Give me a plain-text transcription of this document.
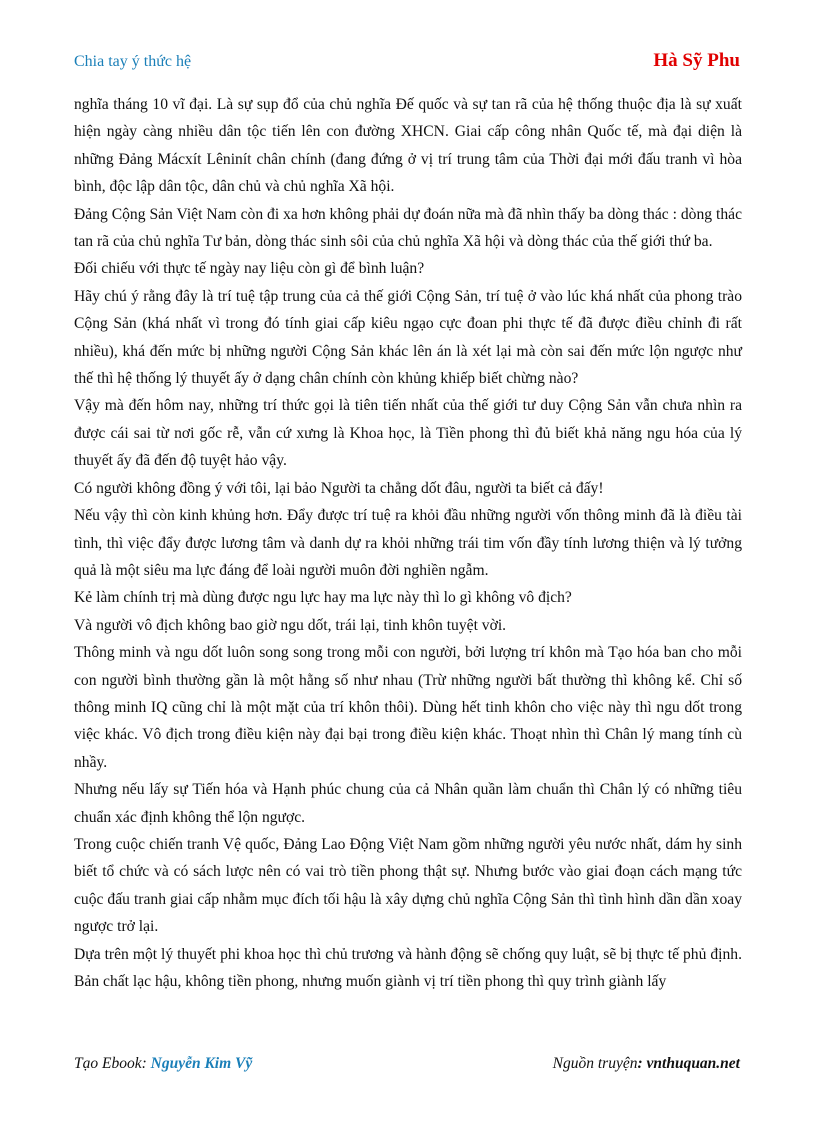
Chia tay ý thức hệ	Hà Sỹ Phu

nghĩa tháng 10 vĩ đại. Là sự sụp đổ của chủ nghĩa Đế quốc và sự tan rã của hệ thống thuộc địa là sự xuất hiện ngày càng nhiều dân tộc tiến lên con đường XHCN. Giai cấp công nhân Quốc tế, mà đại diện là những Đảng Mácxít Lêninít chân chính (đang đứng ở vị trí trung tâm của Thời đại mới đấu tranh vì hòa bình, độc lập dân tộc, dân chủ và chủ nghĩa Xã hội.

Đảng Cộng Sản Việt Nam còn đi xa hơn không phải dự đoán nữa mà đã nhìn thấy ba dòng thác : dòng thác tan rã của chủ nghĩa Tư bản, dòng thác sinh sôi của chủ nghĩa Xã hội và dòng thác của thế giới thứ ba.

Đối chiếu với thực tế ngày nay liệu còn gì để bình luận?

Hãy chú ý rằng đây là trí tuệ tập trung của cả thế giới Cộng Sản, trí tuệ ở vào lúc khá nhất của phong trào Cộng Sản (khá nhất vì trong đó tính giai cấp kiêu ngạo cực đoan phi thực tế đã được điều chỉnh đi rất nhiều), khá đến mức bị những người Cộng Sản khác lên án là xét lại mà còn sai đến mức lộn ngược như thế thì hệ thống lý thuyết ấy ở dạng chân chính còn khủng khiếp biết chừng nào?

Vậy mà đến hôm nay, những trí thức gọi là tiên tiến nhất của thế giới tư duy Cộng Sản vẫn chưa nhìn ra được cái sai từ nơi gốc rễ, vẫn cứ xưng là Khoa học, là Tiền phong thì đủ biết khả năng ngu hóa của lý thuyết ấy đã đến độ tuyệt hảo vậy.

Có người không đồng ý với tôi, lại bảo Người ta chẳng dốt đâu, người ta biết cả đấy!

Nếu vậy thì còn kinh khủng hơn. Đẩy được trí tuệ ra khỏi đầu những người vốn thông minh đã là điều tài tình, thì việc đẩy được lương tâm và danh dự ra khỏi những trái tim vốn đầy tính lương thiện và lý tưởng quả là một siêu ma lực đáng để loài người muôn đời nghiền ngẫm.

Kẻ làm chính trị mà dùng được ngu lực hay ma lực này thì lo gì không vô địch?

Và người vô địch không bao giờ ngu dốt, trái lại, tinh khôn tuyệt vời.

Thông minh và ngu dốt luôn song song trong mỗi con người, bởi lượng trí khôn mà Tạo hóa ban cho mỗi con người bình thường gần là một hằng số như nhau (Trừ những người bất thường thì không kể. Chỉ số thông minh IQ cũng chỉ là một mặt của trí khôn thôi). Dùng hết tinh khôn cho việc này thì ngu dốt trong việc khác. Vô địch trong điều kiện này đại bại trong điều kiện khác. Thoạt nhìn thì Chân lý mang tính cù nhầy.

Nhưng nếu lấy sự Tiến hóa và Hạnh phúc chung của cả Nhân quần làm chuẩn thì Chân lý có những tiêu chuẩn xác định không thể lộn ngược.

Trong cuộc chiến tranh Vệ quốc, Đảng Lao Động Việt Nam gồm những người yêu nước nhất, dám hy sinh biết tổ chức và có sách lược nên có vai trò tiền phong thật sự. Nhưng bước vào giai đoạn cách mạng tức cuộc đấu tranh giai cấp nhằm mục đích tối hậu là xây dựng chủ nghĩa Cộng Sản thì tình hình dần dần xoay ngược trở lại.

Dựa trên một lý thuyết phi khoa học thì chủ trương và hành động sẽ chống quy luật, sẽ bị thực tế phủ định. Bản chất lạc hậu, không tiền phong, nhưng muốn giành vị trí tiền phong thì quy trình giành lấy

Tạo Ebook: Nguyễn Kim Vỹ	Nguồn truyện: vnthuquan.net
